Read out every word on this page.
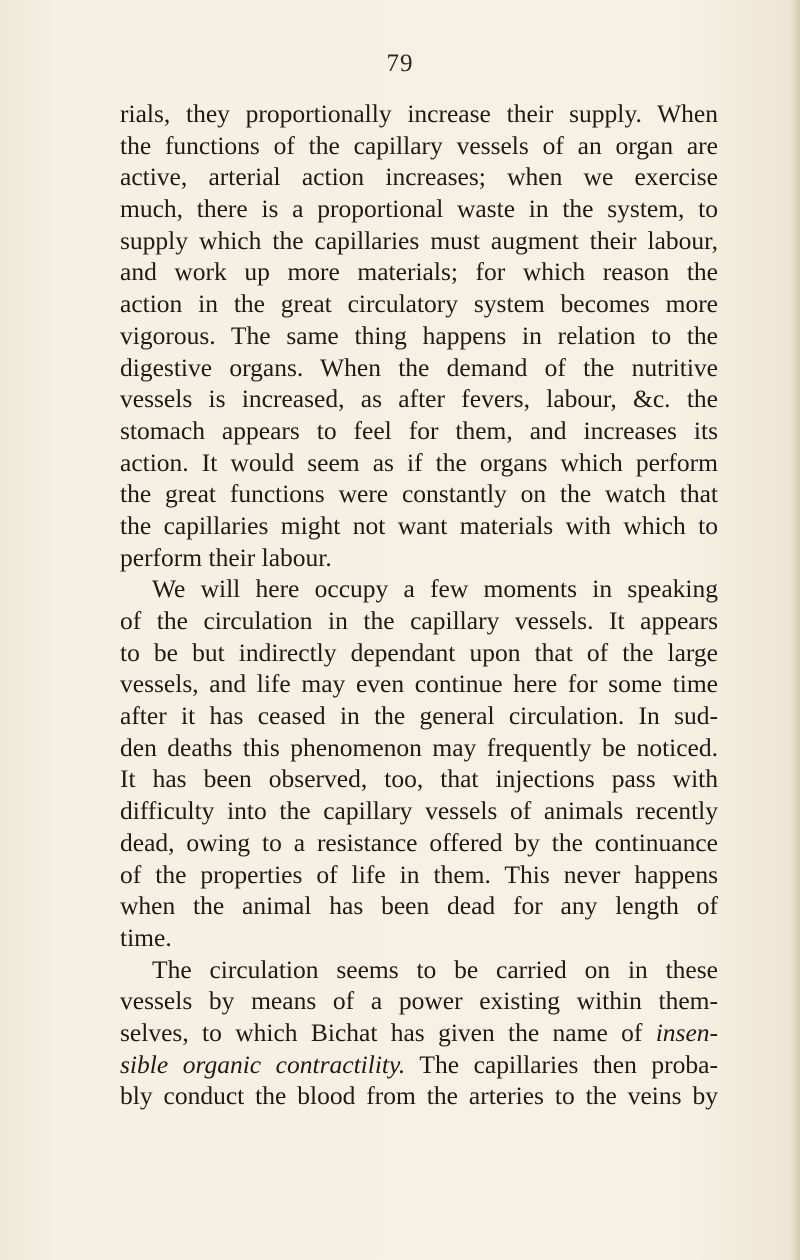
79
rials, they proportionally increase their supply. When
the functions of the capillary vessels of an organ are
active, arterial action increases; when we exercise
much, there is a proportional waste in the system, to
supply which the capillaries must augment their labour,
and work up more materials; for which reason the
action in the great circulatory system becomes more
vigorous. The same thing happens in relation to the
digestive organs. When the demand of the nutritive
vessels is increased, as after fevers, labour, &c. the
stomach appears to feel for them, and increases its
action. It would seem as if the organs which perform
the great functions were constantly on the watch that
the capillaries might not want materials with which to
perform their labour.
We will here occupy a few moments in speaking
of the circulation in the capillary vessels. It appears
to be but indirectly dependant upon that of the large
vessels, and life may even continue here for some time
after it has ceased in the general circulation. In sud-
den deaths this phenomenon may frequently be noticed.
It has been observed, too, that injections pass with
difficulty into the capillary vessels of animals recently
dead, owing to a resistance offered by the continuance
of the properties of life in them. This never happens
when the animal has been dead for any length of
time.
The circulation seems to be carried on in these
vessels by means of a power existing within them-
selves, to which Bichat has given the name of insen-
sible organic contractility. The capillaries then proba-
bly conduct the blood from the arteries to the veins by
